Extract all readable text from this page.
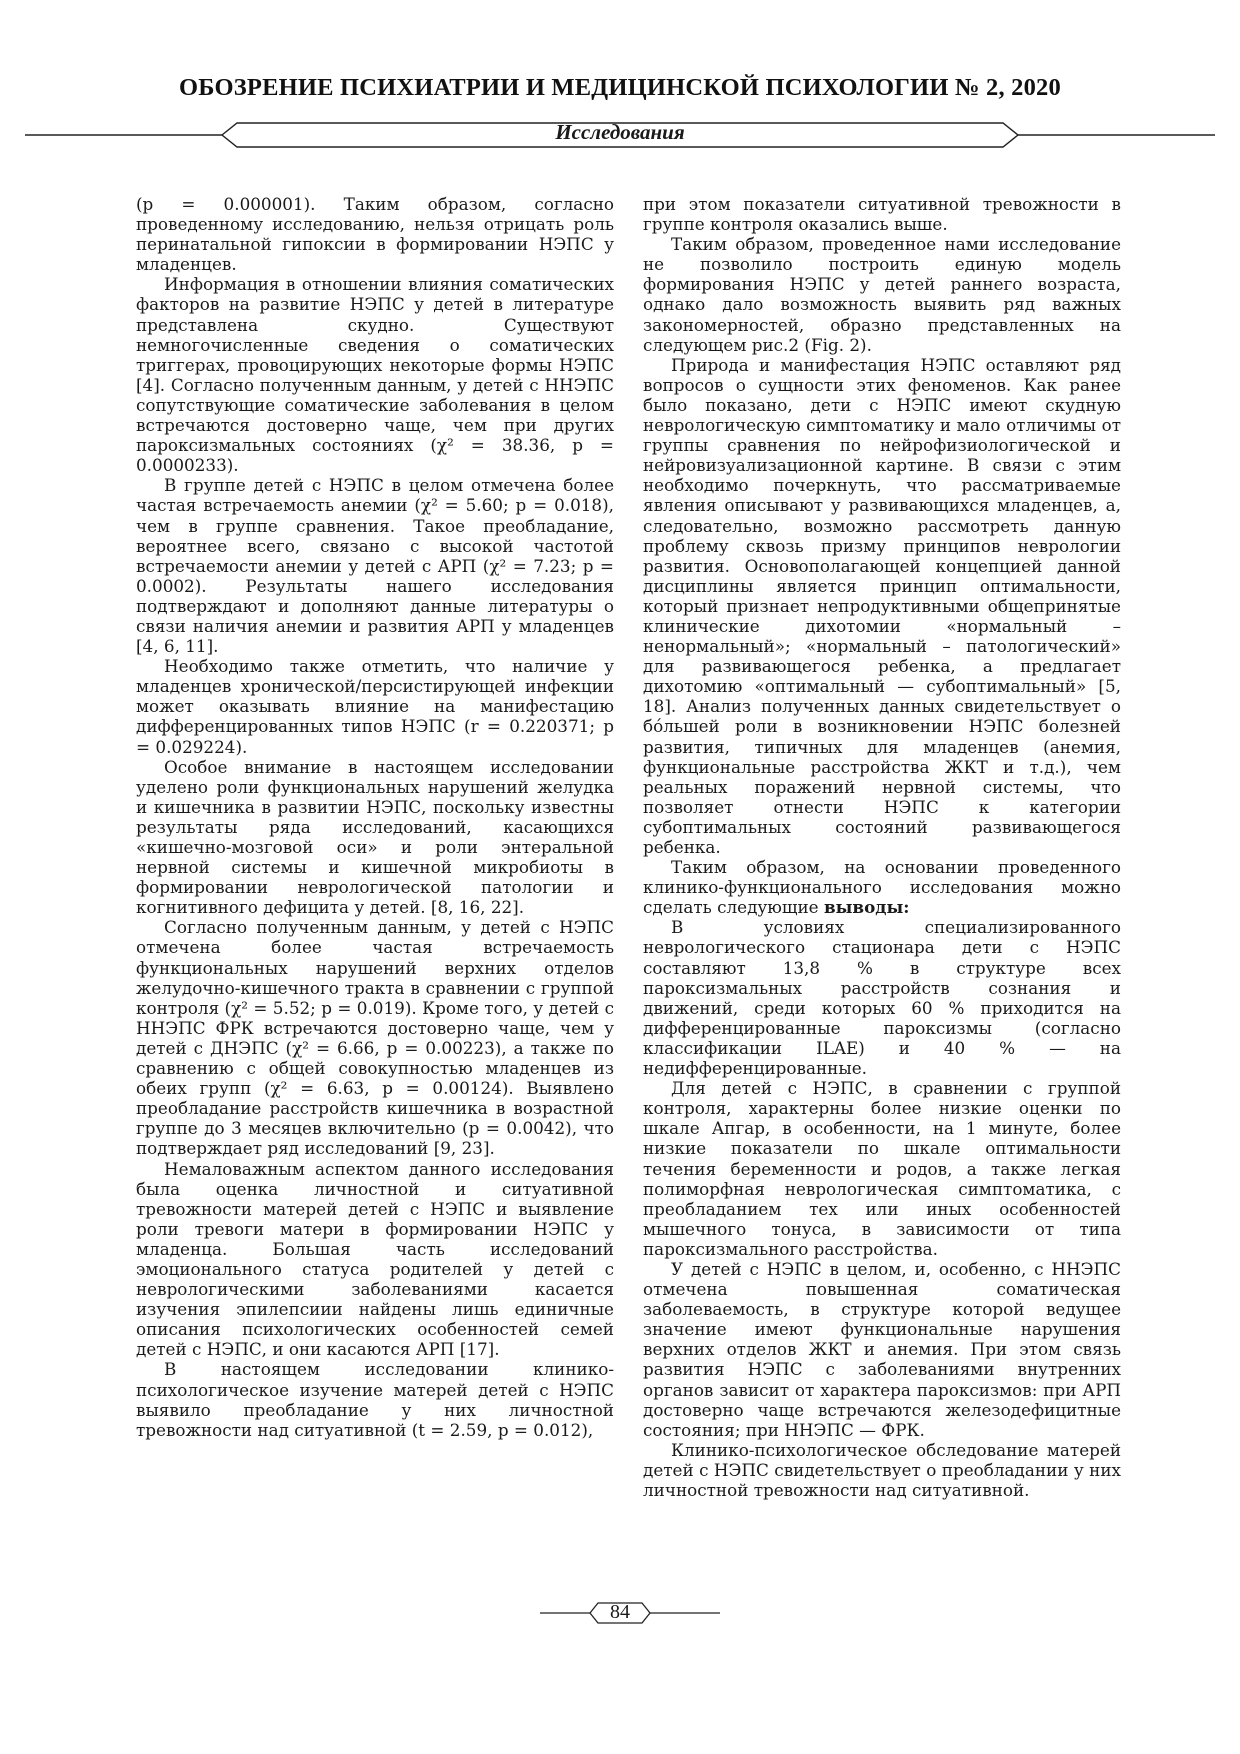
ОБОЗРЕНИЕ ПСИХИАТРИИ И МЕДИЦИНСКОЙ ПСИХОЛОГИИ № 2, 2020
Исследования

(p = 0.000001). Таким образом, согласно проведенному исследованию, нельзя отрицать роль перинатальной гипоксии в формировании НЭПС у младенцев.

Информация в отношении влияния соматических факторов на развитие НЭПС у детей в литературе представлена скудно. Существуют немногочисленные сведения о соматических триггерах, провоцирующих некоторые формы НЭПС [4]. Согласно полученным данным, у детей с ННЭПС сопутствующие соматические заболевания в целом встречаются достоверно чаще, чем при других пароксизмальных состояниях (χ² = 38.36, p = 0.0000233).

В группе детей с НЭПС в целом отмечена более частая встречаемость анемии (χ² = 5.60; p = 0.018), чем в группе сравнения. Такое преобладание, вероятнее всего, связано с высокой частотой встречаемости анемии у детей с АРП (χ² = 7.23; p = 0.0002). Результаты нашего исследования подтверждают и дополняют данные литературы о связи наличия анемии и развития АРП у младенцев [4, 6, 11].

Необходимо также отметить, что наличие у младенцев хронической/персистирующей инфекции может оказывать влияние на манифестацию дифференцированных типов НЭПС (r = 0.220371; p = 0.029224).

Особое внимание в настоящем исследовании уделено роли функциональных нарушений желудка и кишечника в развитии НЭПС, поскольку известны результаты ряда исследований, касающихся «кишечно-мозговой оси» и роли энтеральной нервной системы и кишечной микробиоты в формировании неврологической патологии и когнитивного дефицита у детей. [8, 16, 22].

Согласно полученным данным, у детей с НЭПС отмечена более частая встречаемость функциональных нарушений верхних отделов желудочно-кишечного тракта в сравнении с группой контроля (χ² = 5.52; p = 0.019). Кроме того, у детей с ННЭПС ФРК встречаются достоверно чаще, чем у детей с ДНЭПС (χ² = 6.66, p = 0.00223), а также по сравнению с общей совокупностью младенцев из обеих групп (χ² = 6.63, p = 0.00124). Выявлено преобладание расстройств кишечника в возрастной группе до 3 месяцев включительно (p = 0.0042), что подтверждает ряд исследований [9, 23].

Немаловажным аспектом данного исследования была оценка личностной и ситуативной тревожности матерей детей с НЭПС и выявление роли тревоги матери в формировании НЭПС у младенца. Большая часть исследований эмоционального статуса родителей у детей с неврологическими заболеваниями касается изучения эпилепсиии найдены лишь единичные описания психологических особенностей семей детей с НЭПС, и они касаются АРП [17].

В настоящем исследовании клинико-психологическое изучение матерей детей с НЭПС выявило преобладание у них личностной тревожности над ситуативной (t = 2.59, p = 0.012),

при этом показатели ситуативной тревожности в группе контроля оказались выше.

Таким образом, проведенное нами исследование не позволило построить единую модель формирования НЭПС у детей раннего возраста, однако дало возможность выявить ряд важных закономерностей, образно представленных на следующем рис.2 (Fig. 2).

Природа и манифестация НЭПС оставляют ряд вопросов о сущности этих феноменов. Как ранее было показано, дети с НЭПС имеют скудную неврологическую симптоматику и мало отличимы от группы сравнения по нейрофизиологической и нейровизуализационной картине. В связи с этим необходимо почеркнуть, что рассматриваемые явления описывают у развивающихся младенцев, а, следовательно, возможно рассмотреть данную проблему сквозь призму принципов неврологии развития. Основополагающей концепцией данной дисциплины является принцип оптимальности, который признает непродуктивными общепринятые клинические дихотомии «нормальный – ненормальный»; «нормальный – патологический» для развивающегося ребенка, а предлагает дихотомию «оптимальный — субоптимальный» [5, 18]. Анализ полученных данных свидетельствует о бóльшей роли в возникновении НЭПС болезней развития, типичных для младенцев (анемия, функциональные расстройства ЖКТ и т.д.), чем реальных поражений нервной системы, что позволяет отнести НЭПС к категории субоптимальных состояний развивающегося ребенка.

Таким образом, на основании проведенного клинико-функционального исследования можно сделать следующие выводы:

В условиях специализированного неврологического стационара дети с НЭПС составляют 13,8 % в структуре всех пароксизмальных расстройств сознания и движений, среди которых 60 % приходится на дифференцированные пароксизмы (согласно классификации ILAE) и 40 % — на недифференцированные.

Для детей с НЭПС, в сравнении с группой контроля, характерны более низкие оценки по шкале Апгар, в особенности, на 1 минуте, более низкие показатели по шкале оптимальности течения беременности и родов, а также легкая полиморфная неврологическая симптоматика, с преобладанием тех или иных особенностей мышечного тонуса, в зависимости от типа пароксизмального расстройства.

У детей с НЭПС в целом, и, особенно, с ННЭПС отмечена повышенная соматическая заболеваемость, в структуре которой ведущее значение имеют функциональные нарушения верхних отделов ЖКТ и анемия. При этом связь развития НЭПС с заболеваниями внутренних органов зависит от характера пароксизмов: при АРП достоверно чаще встречаются железодефицитные состояния; при ННЭПС — ФРК.

Клинико-психологическое обследование матерей детей с НЭПС свидетельствует о преобладании у них личностной тревожности над ситуативной.

84
